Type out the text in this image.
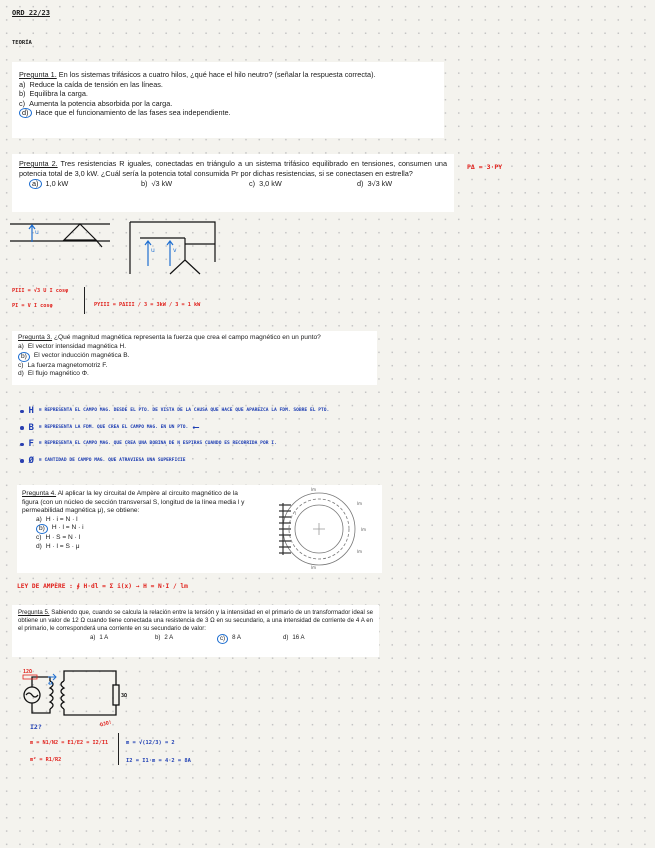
ORD 22/23
TEORÍA
Pregunta 1. En los sistemas trifásicos a cuatro hilos, ¿qué hace el hilo neutro? (señalar la respuesta correcta).
a) Reduce la caída de tensión en las líneas.
b) Equilibra la carga.
c) Aumenta la potencia absorbida por la carga.
d) Hace que el funcionamiento de las fases sea independiente.
Pregunta 2. Tres resistencias R iguales, conectadas en triángulo a un sistema trifásico equilibrado en tensiones, consumen una potencia total de 3,0 kW. ¿Cuál sería la potencia total consumida Pr por dichas resistencias, si se conectasen en estrella?
a) 1,0 kW	b) √3 kW	c) 3,0 kW	d) 3√3 kW
PΔ = 3·PY
u
u	v
PIII = √3 U I cosφ
PI = V I cosφ	PYIII = PΔIII / 3 = 3kW / 3 = 1 kW
Pregunta 3. ¿Qué magnitud magnética representa la fuerza que crea el campo magnético en un punto?
a) El vector intensidad magnética H.
b)	El vector inducción magnética B.
c) La fuerza magnetomotriz F.
d) El flujo magnético Φ.
H ≡ REPRESENTA EL CAMPO MAG. DESDE EL PTO. DE VISTA DE LA CAUSA QUE HACE QUE APAREZCA LA FDM. SOBRE EL PTO.
B ≡ REPRESENTA LA FDM. QUE CREA EL CAMPO MAG. EN UN PTO. ⟵
F ≡ REPRESENTA EL CAMPO MAG. QUE CREA UNA BOBINA DE N ESPIRAS CUANDO ES RECORRIDA POR I.
Ø ≡ CANTIDAD DE CAMPO MAG. QUE ATRAVIESA UNA SUPERFICIE
Pregunta 4. Al aplicar la ley circuital de Ampère al circuito magnético de la figura (con un núcleo de sección transversal S, longitud de la línea media l y permeabilidad magnética μ), se obtiene:
a) H · i = N · l
b)	H · l = N · i
c) H · S = N · l
d) H · l = S · μ
lm
lm
lm
lm
lm
l
LEY DE AMPÈRE : ∮ H·dl = Σ i(x) → H = N·I / lm
Pregunta 5. Sabiendo que, cuando se calcula la relación entre la tensión y la intensidad en el primario de un transformador ideal se obtiene un valor de 12 Ω cuando tiene conectada una resistencia de 3 Ω en su secundario, a una intensidad de corriente de 4 A en el primario, le corresponderá una corriente en su secundario de valor:
a) 1 A	b) 2 A	c)	8 A	d) 16 A
12Ω
4A
3Ω
I2?
m = N1/N2 = E1/E2 = I2/I1
m² = R1/R2
OJO!
m = √(12/3) = 2
I2 = I1·m = 4·2 = 8A
